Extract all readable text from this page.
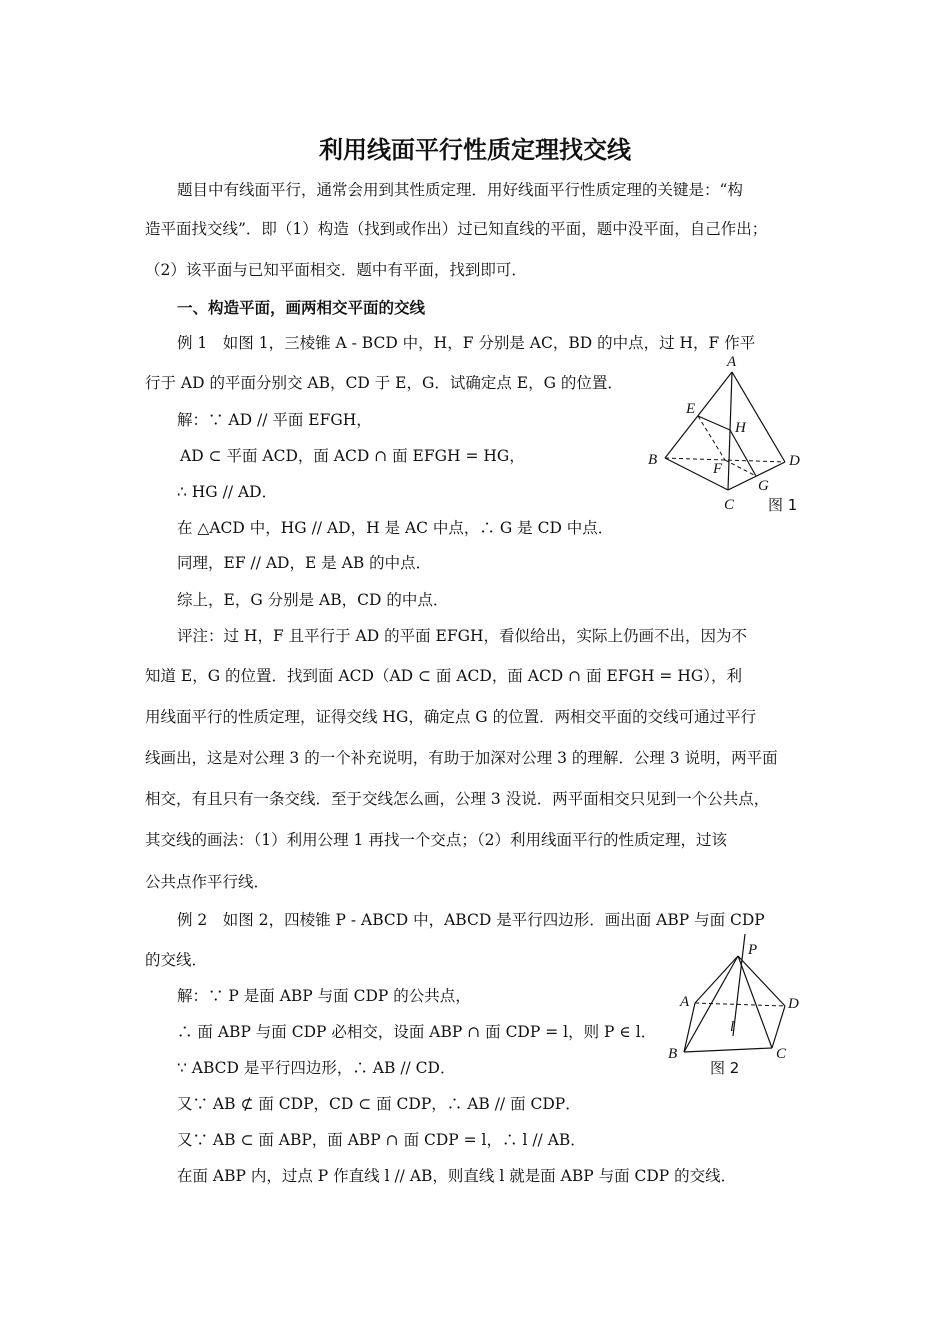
利用线面平行性质定理找交线
题目中有线面平行，通常会用到其性质定理．用好线面平行性质定理的关键是：“构
造平面找交线”．即（1）构造（找到或作出）过已知直线的平面，题中没平面，自己作出；
（2）该平面与已知平面相交．题中有平面，找到即可．
一、构造平面，画两相交平面的交线
例 1　如图 1，三棱锥 A - BCD 中，H，F 分别是 AC，BD 的中点，过 H，F 作平
行于 AD 的平面分别交 AB，CD 于 E，G．试确定点 E，G 的位置．
解：∵ AD // 平面 EFGH，
AD ⊂ 平面 ACD，面 ACD ∩ 面 EFGH = HG，
∴ HG // AD．
在 △ACD 中，HG // AD，H 是 AC 中点，∴ G 是 CD 中点．
同理，EF // AD，E 是 AB 的中点．
综上，E，G 分别是 AB，CD 的中点．
评注：过 H，F 且平行于 AD 的平面 EFGH，看似给出，实际上仍画不出，因为不
知道 E，G 的位置．找到面 ACD（AD ⊂ 面 ACD，面 ACD ∩ 面 EFGH = HG），利
用线面平行的性质定理，证得交线 HG，确定点 G 的位置．两相交平面的交线可通过平行
线画出，这是对公理 3 的一个补充说明，有助于加深对公理 3 的理解．公理 3 说明，两平面
相交，有且只有一条交线．至于交线怎么画，公理 3 没说．两平面相交只见到一个公共点，
其交线的画法：（1）利用公理 1 再找一个交点；（2）利用线面平行的性质定理，过该
公共点作平行线．
例 2　如图 2，四棱锥 P - ABCD 中，ABCD 是平行四边形．画出面 ABP 与面 CDP
的交线．
解：∵ P 是面 ABP 与面 CDP 的公共点，
∴ 面 ABP 与面 CDP 必相交，设面 ABP ∩ 面 CDP = l，则 P ∈ l．
∵ ABCD 是平行四边形，∴ AB // CD．
又∵ AB ⊄ 面 CDP，CD ⊂ 面 CDP，∴ AB // 面 CDP．
又∵ AB ⊂ 面 ABP，面 ABP ∩ 面 CDP = l，∴ l // AB．
在面 ABP 内，过点 P 作直线 l // AB，则直线 l 就是面 ABP 与面 CDP 的交线．
A
B
C
D
E
F
G
H
图 1
P
A
B	C
D
l
图 2
